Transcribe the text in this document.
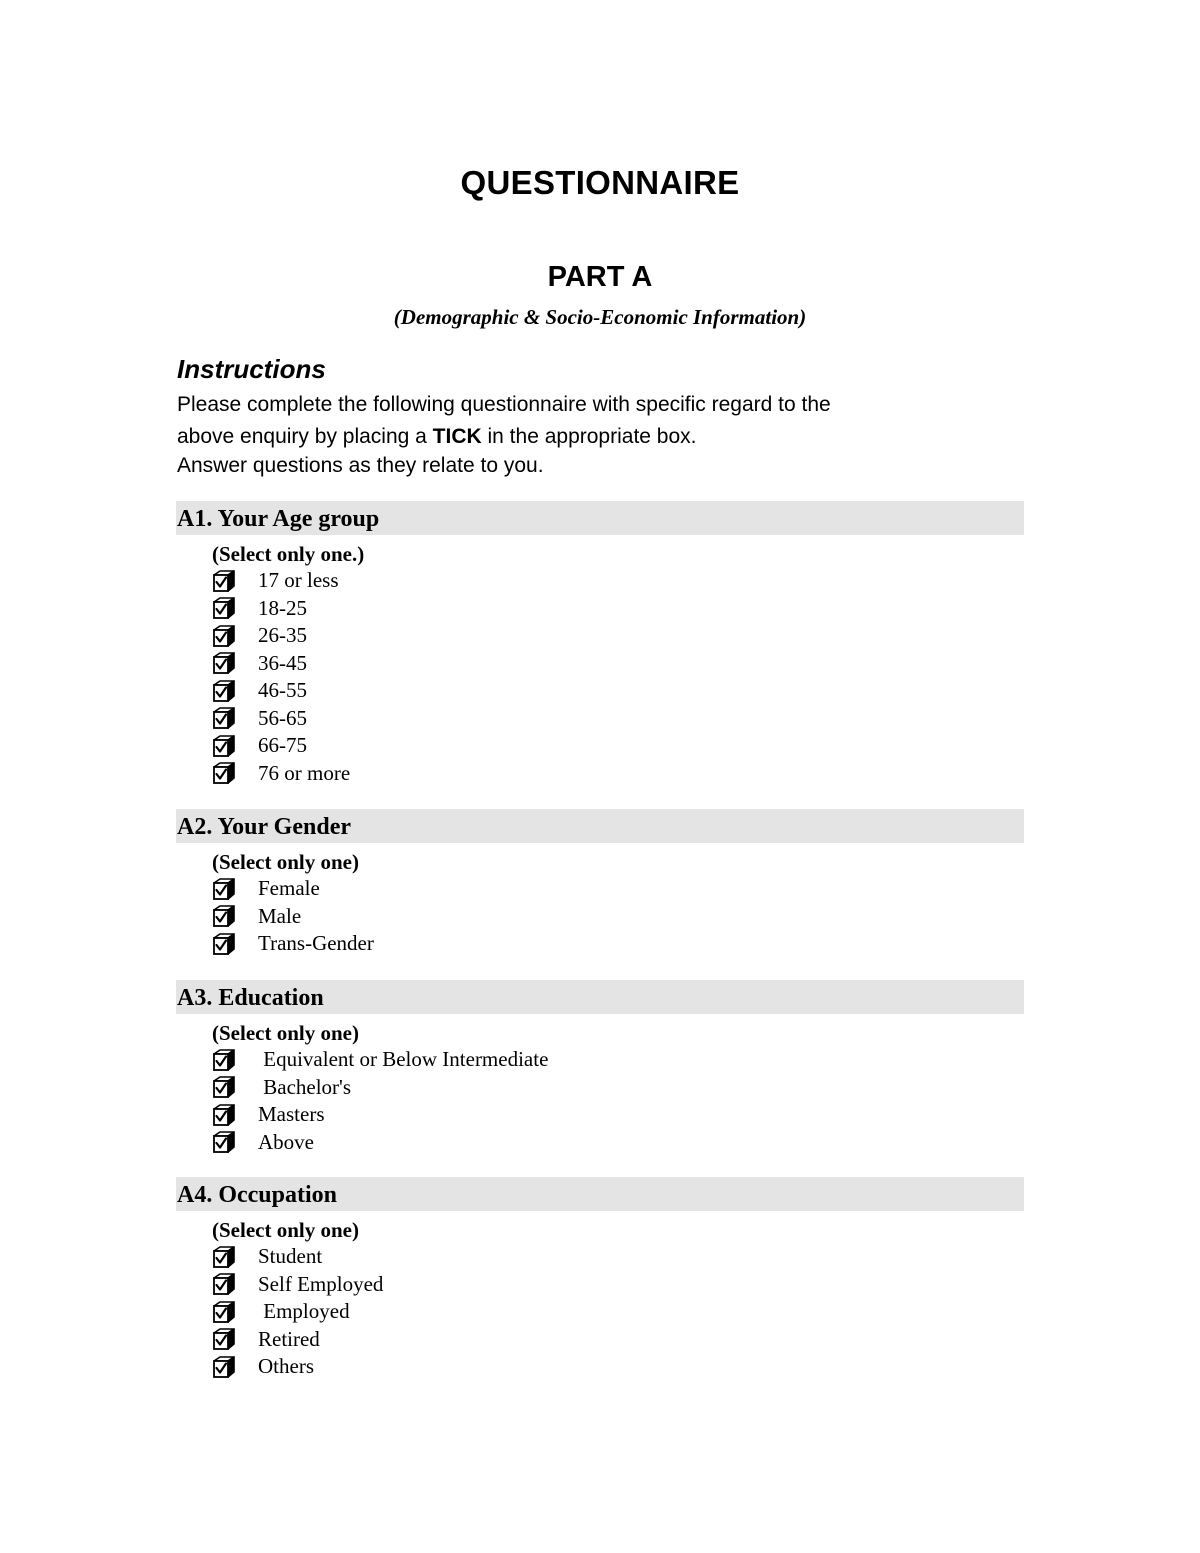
QUESTIONNAIRE
PART A
(Demographic & Socio-Economic Information)
Instructions
Please complete the following questionnaire with specific regard to the
above enquiry by placing a TICK in the appropriate box.
Answer questions as they relate to you.
A1. Your Age group
(Select only one.)
17 or less
18-25
26-35
36-45
46-55
56-65
66-75
76 or more
A2. Your Gender
(Select only one)
Female
Male
Trans-Gender
A3. Education
(Select only one)
Equivalent or Below Intermediate
Bachelor's
Masters
Above
A4. Occupation
(Select only one)
Student
Self Employed
Employed
Retired
Others
